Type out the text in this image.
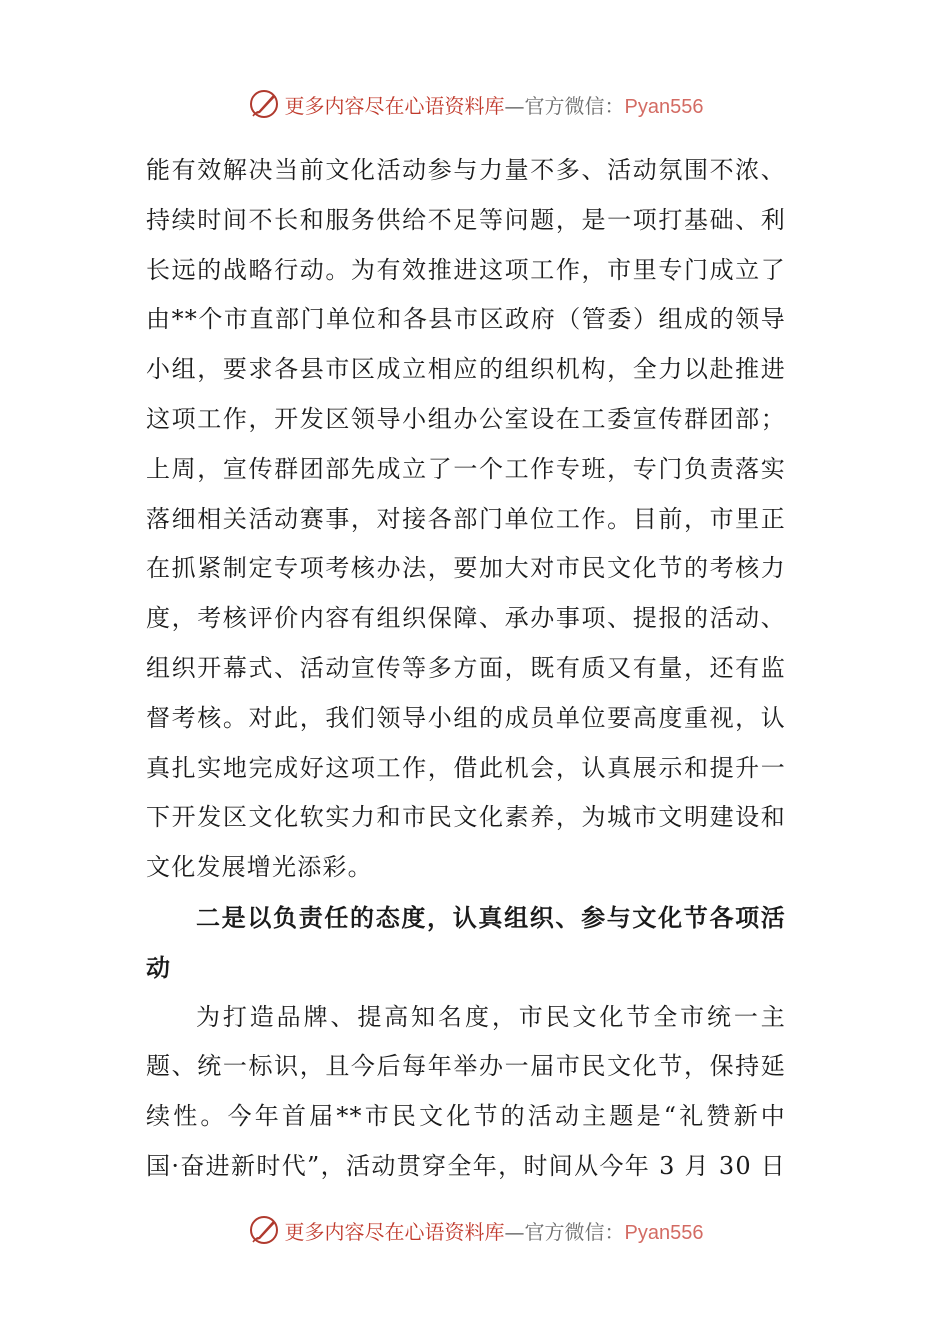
更多内容尽在心语资料库—官方微信：Pyan556
能有效解决当前文化活动参与力量不多、活动氛围不浓、
持续时间不长和服务供给不足等问题，是一项打基础、利
长远的战略行动。为有效推进这项工作，市里专门成立了
由**个市直部门单位和各县市区政府（管委）组成的领导
小组，要求各县市区成立相应的组织机构，全力以赴推进
这项工作，开发区领导小组办公室设在工委宣传群团部；
上周，宣传群团部先成立了一个工作专班，专门负责落实
落细相关活动赛事，对接各部门单位工作。目前，市里正
在抓紧制定专项考核办法，要加大对市民文化节的考核力
度，考核评价内容有组织保障、承办事项、提报的活动、
组织开幕式、活动宣传等多方面，既有质又有量，还有监
督考核。对此，我们领导小组的成员单位要高度重视，认
真扎实地完成好这项工作，借此机会，认真展示和提升一
下开发区文化软实力和市民文化素养，为城市文明建设和
文化发展增光添彩。
二是以负责任的态度，认真组织、参与文化节各项活
动
为打造品牌、提高知名度，市民文化节全市统一主
题、统一标识，且今后每年举办一届市民文化节，保持延
续性。今年首届**市民文化节的活动主题是“礼赞新中
国·奋进新时代”，活动贯穿全年，时间从今年 3 月 30 日
更多内容尽在心语资料库—官方微信：Pyan556
